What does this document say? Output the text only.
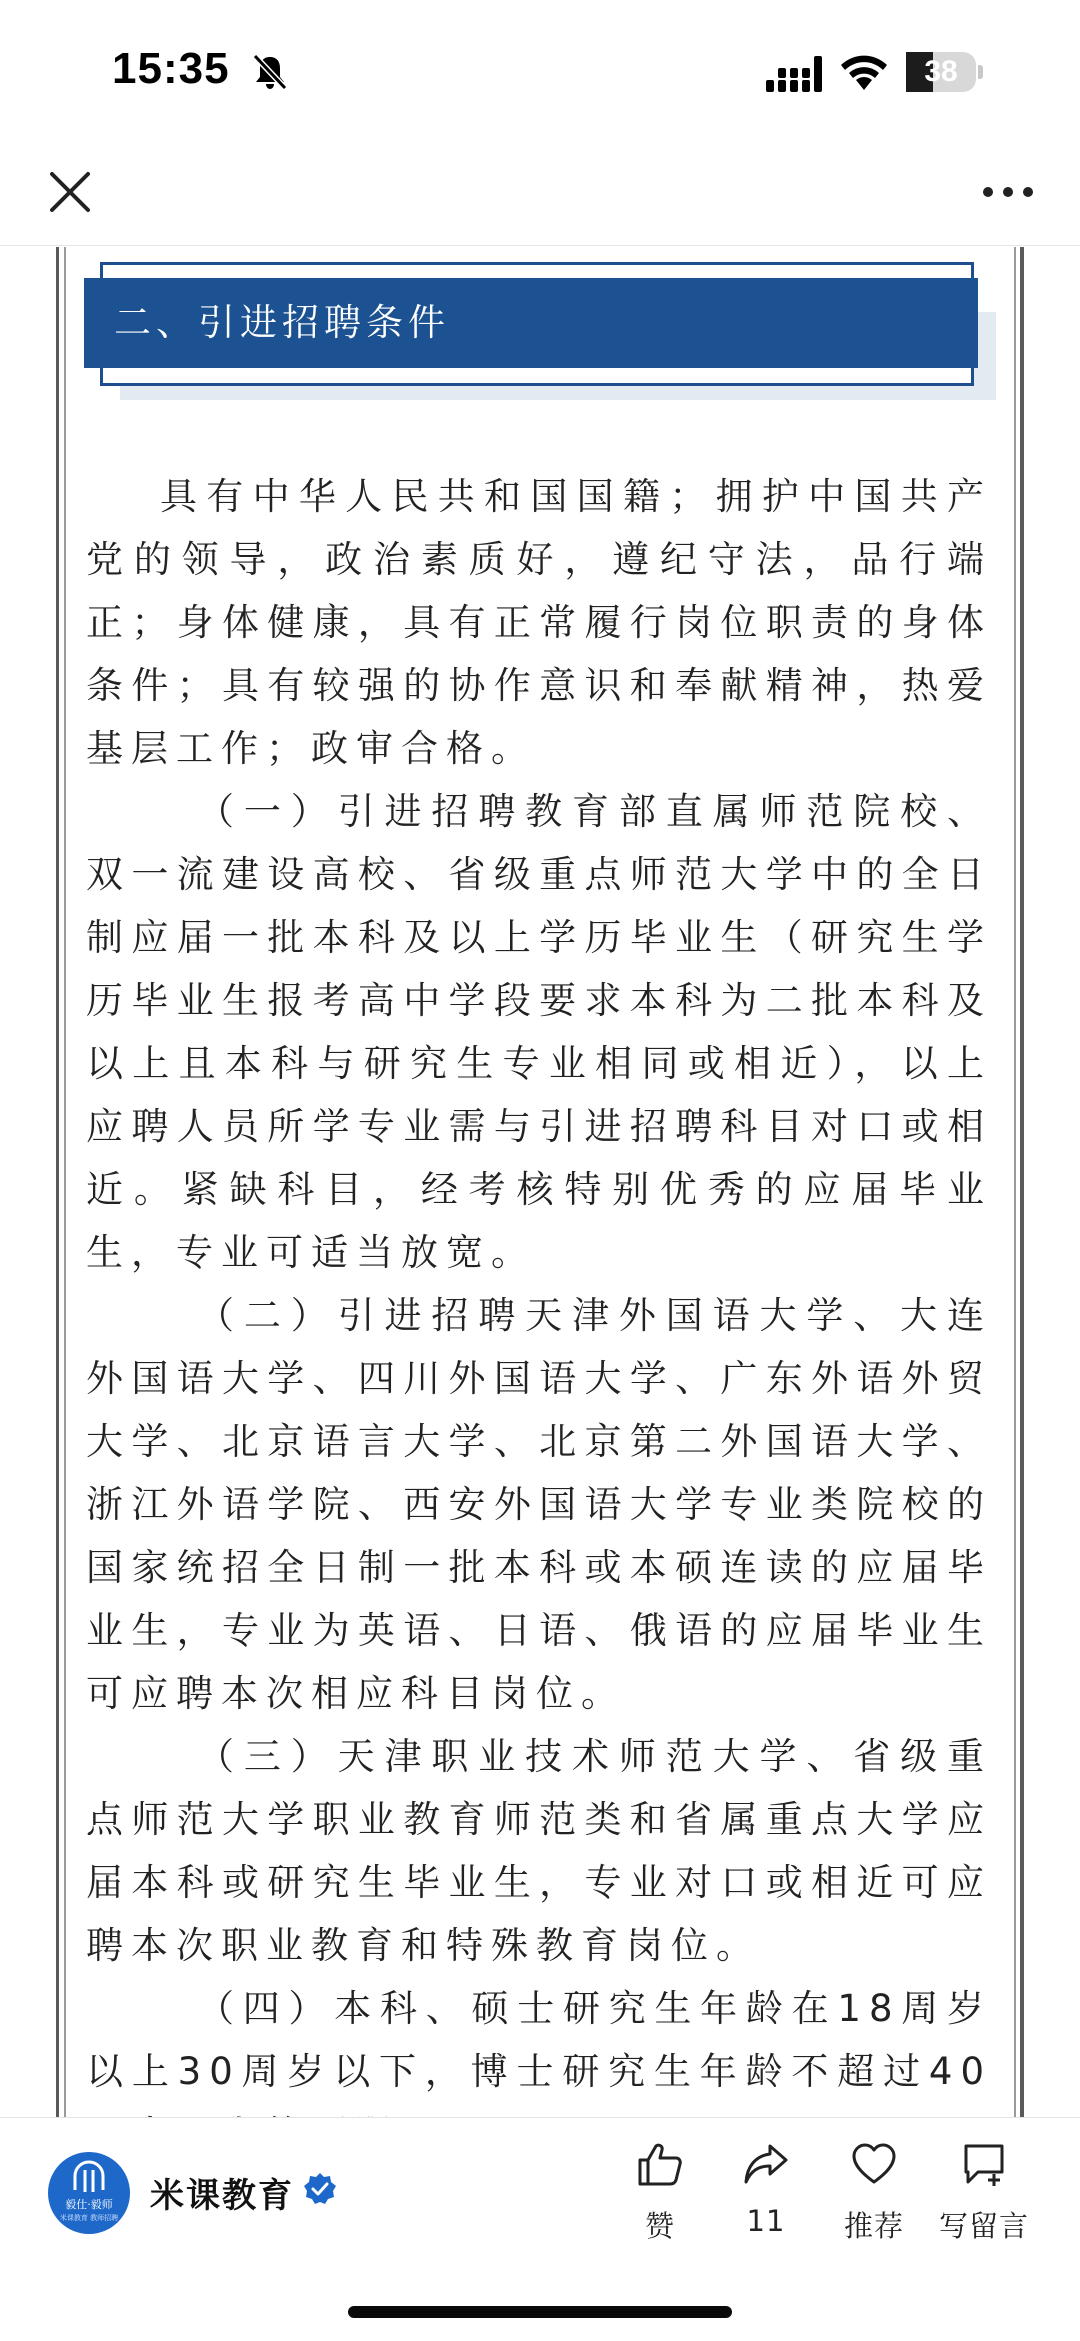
15:35	38
二、引进招聘条件

具有中华人民共和国国籍；拥护中国共产党的领导，政治素质好，遵纪守法，品行端正；身体健康，具有正常履行岗位职责的身体条件；具有较强的协作意识和奉献精神，热爱基层工作；政审合格。

（一）引进招聘教育部直属师范院校、双一流建设高校、省级重点师范大学中的全日制应届一批本科及以上学历毕业生（研究生学历毕业生报考高中学段要求本科为二批本科及以上且本科与研究生专业相同或相近），以上应聘人员所学专业需与引进招聘科目对口或相近。紧缺科目，经考核特别优秀的应届毕业生，专业可适当放宽。

（二）引进招聘天津外国语大学、大连外国语大学、四川外国语大学、广东外语外贸大学、北京语言大学、北京第二外国语大学、浙江外语学院、西安外国语大学专业类院校的国家统招全日制一批本科或本硕连读的应届毕业生，专业为英语、日语、俄语的应届毕业生可应聘本次相应科目岗位。

（三）天津职业技术师范大学、省级重点师范大学职业教育师范类和省属重点大学应届本科或研究生毕业生，专业对口或相近可应聘本次职业教育和特殊教育岗位。

（四）本科、硕士研究生年龄在18周岁以上30周岁以下，博士研究生年龄不超过40

毅仕·毅师
米课教育 教师招聘
米课教育
赞	11	推荐	写留言
